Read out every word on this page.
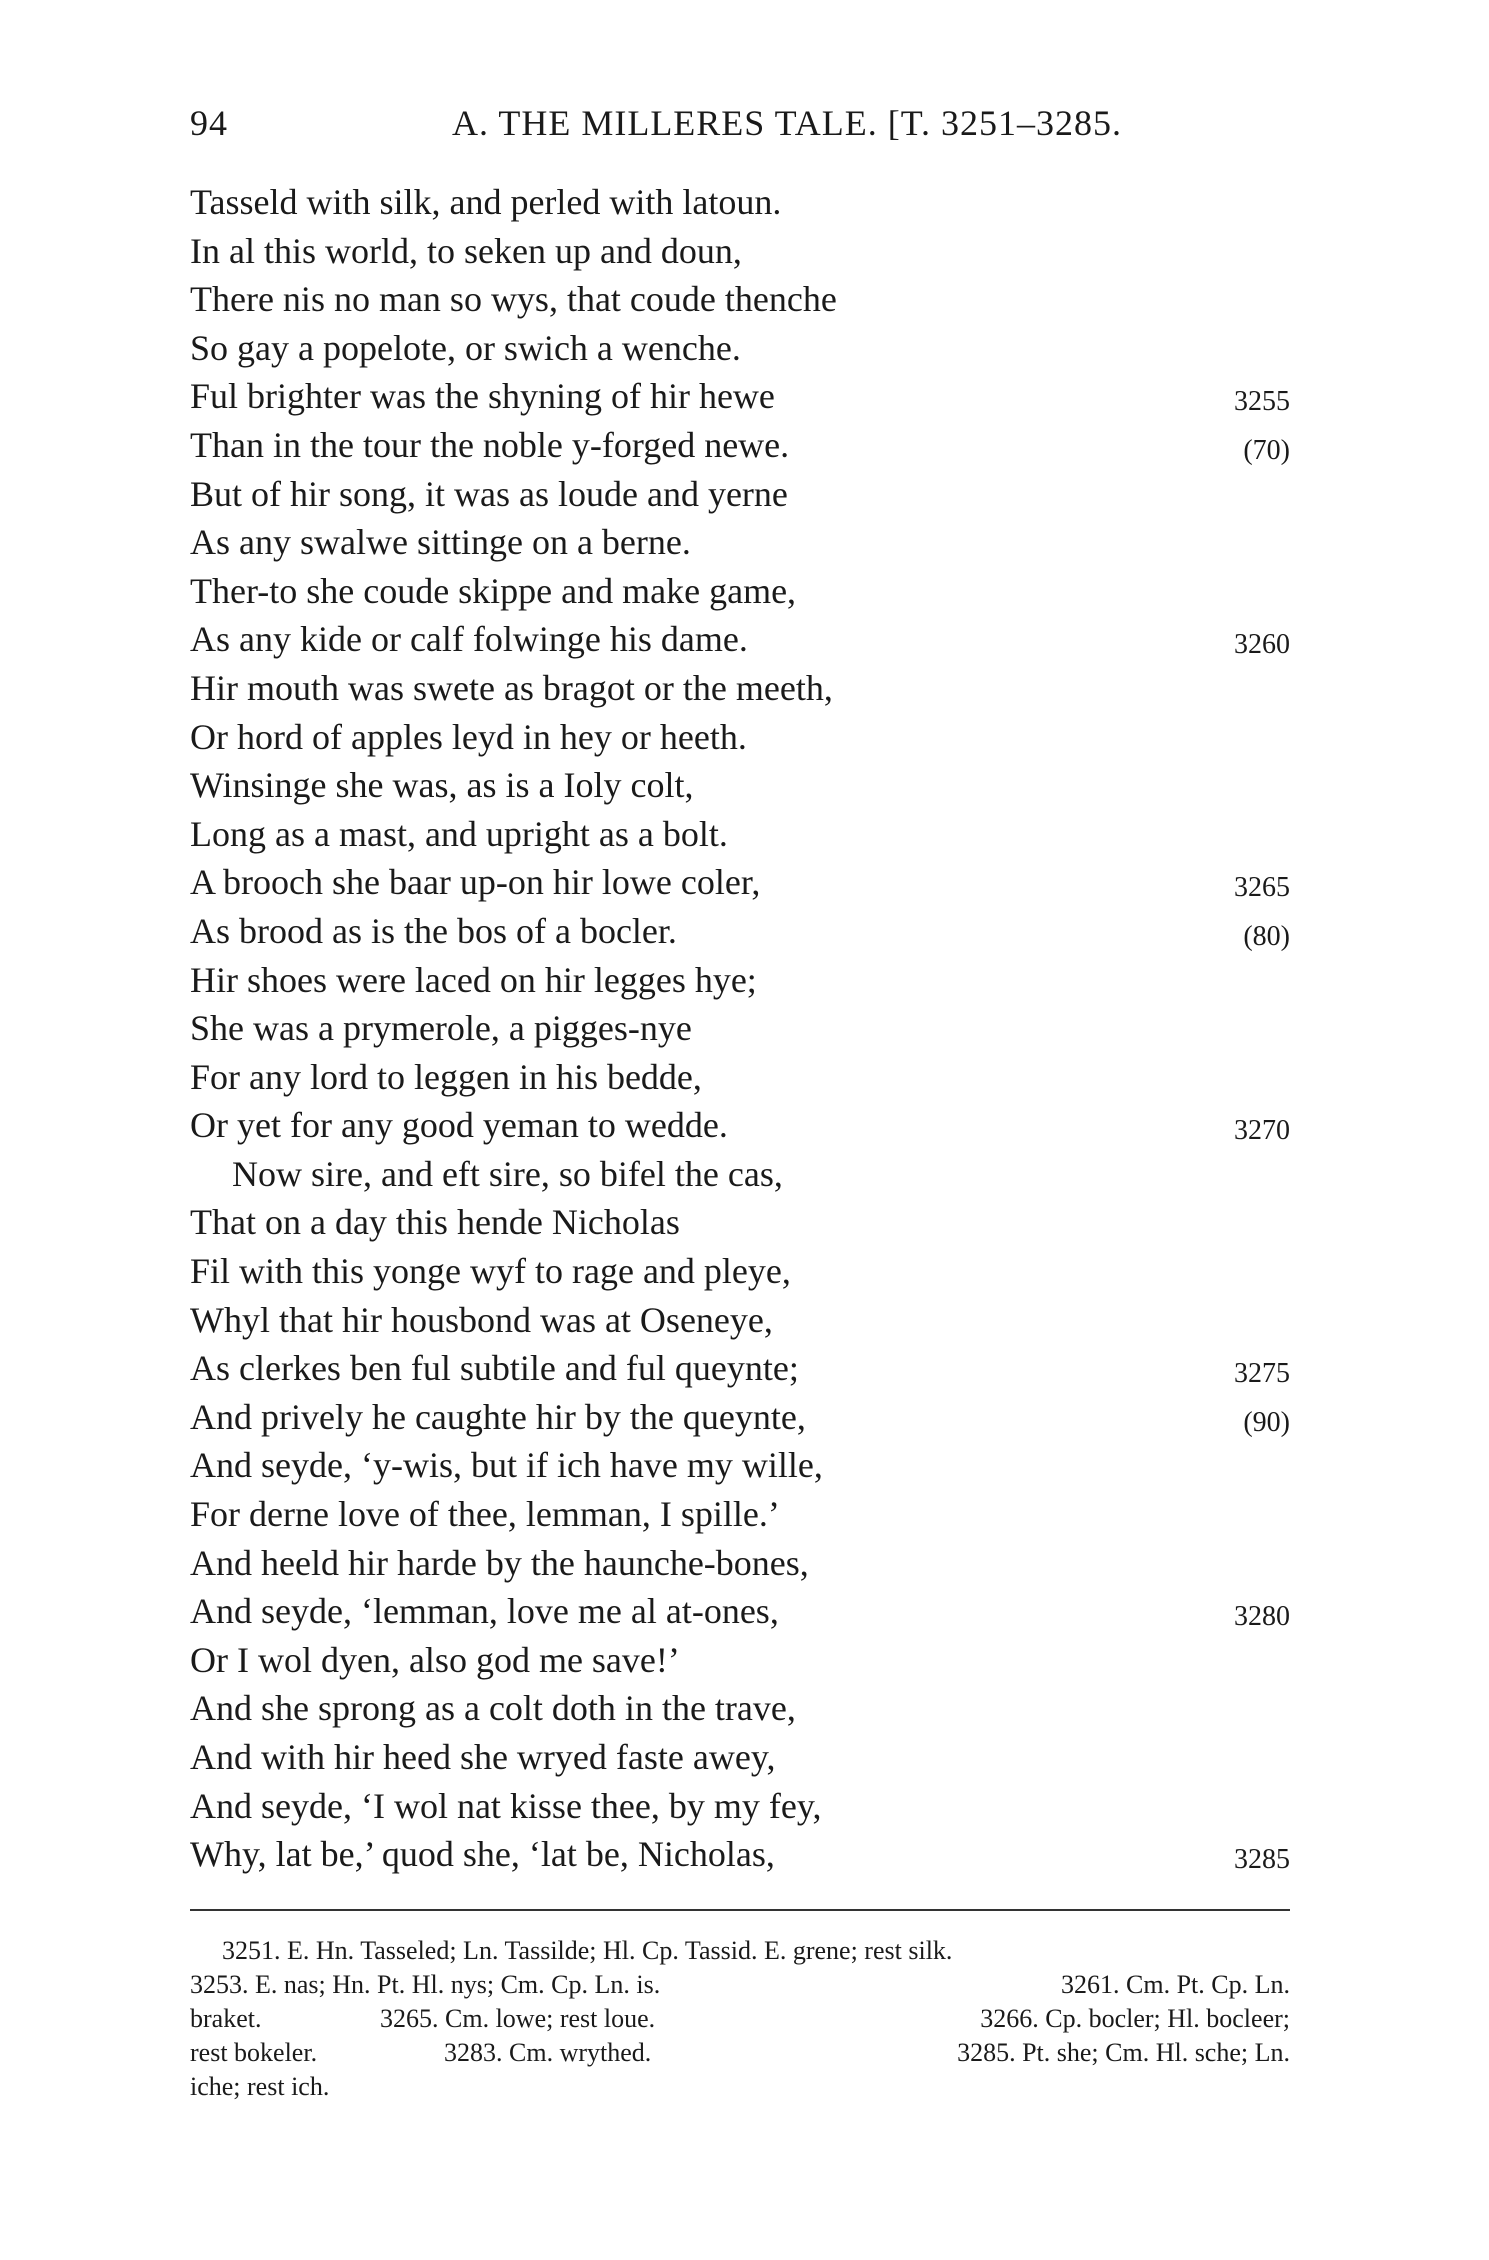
94	A. THE MILLERES TALE. [T. 3251–3285.
Tasseld with silk, and perled with latoun.
In al this world, to seken up and doun,
There nis no man so wys, that coude thenche
So gay a popelote, or swich a wenche.
Ful brighter was the shyning of hir hewe	3255
Than in the tour the noble y-forged newe.	(70)
But of hir song, it was as loude and yerne
As any swalwe sittinge on a berne.
Ther-to she coude skippe and make game,
As any kide or calf folwinge his dame.	3260
Hir mouth was swete as bragot or the meeth,
Or hord of apples leyd in hey or heeth.
Winsinge she was, as is a Ioly colt,
Long as a mast, and upright as a bolt.
A brooch she baar up-on hir lowe coler,	3265
As brood as is the bos of a bocler.	(80)
Hir shoes were laced on hir legges hye;
She was a prymerole, a pigges-nye
For any lord to leggen in his bedde,
Or yet for any good yeman to wedde.	3270
Now sire, and eft sire, so bifel the cas,
That on a day this hende Nicholas
Fil with this yonge wyf to rage and pleye,
Whyl that hir housbond was at Oseneye,
As clerkes ben ful subtile and ful queynte;	3275
And prively he caughte hir by the queynte,	(90)
And seyde, ‘y-wis, but if ich have my wille,
For derne love of thee, lemman, I spille.’
And heeld hir harde by the haunche-bones,
And seyde, ‘lemman, love me al at-ones,	3280
Or I wol dyen, also god me save!’
And she sprong as a colt doth in the trave,
And with hir heed she wryed faste awey,
And seyde, ‘I wol nat kisse thee, by my fey,
Why, lat be,’ quod she, ‘lat be, Nicholas,	3285
3251. E. Hn. Tasseled; Ln. Tassilde; Hl. Cp. Tassid. E. grene; rest silk.
3253. E. nas; Hn. Pt. Hl. nys; Cm. Cp. Ln. is.	3261. Cm. Pt. Cp. Ln.
braket.	3265. Cm. lowe; rest loue.	3266. Cp. bocler; Hl. bocleer;
rest bokeler.	3283. Cm. wrythed.	3285. Pt. she; Cm. Hl. sche; Ln.
iche; rest ich.
